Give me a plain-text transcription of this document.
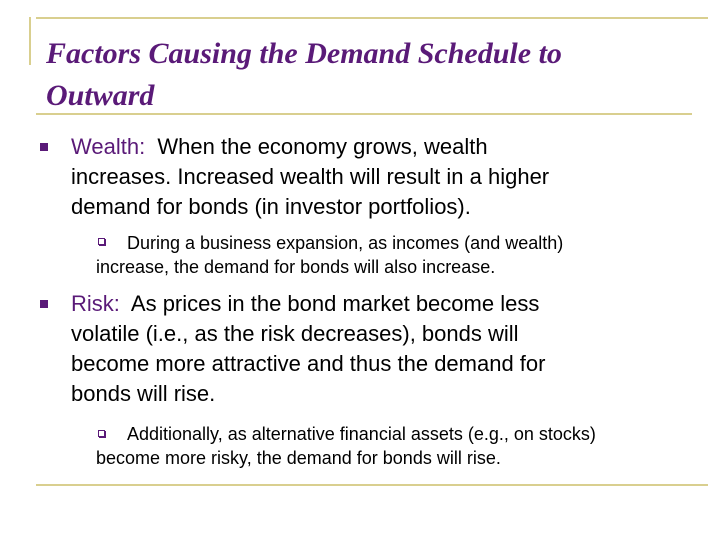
Factors Causing the Demand Schedule to
Outward
Wealth:  When the economy grows, wealth
increases. Increased wealth will result in a higher
demand for bonds (in investor portfolios).
During a business expansion, as incomes (and wealth)
increase, the demand for bonds will also increase.
Risk:  As prices in the bond market become less
volatile (i.e., as the risk decreases), bonds will
become more attractive and thus the demand for
bonds will rise.
Additionally, as alternative financial assets (e.g., on stocks)
become more risky, the demand for bonds will rise.
